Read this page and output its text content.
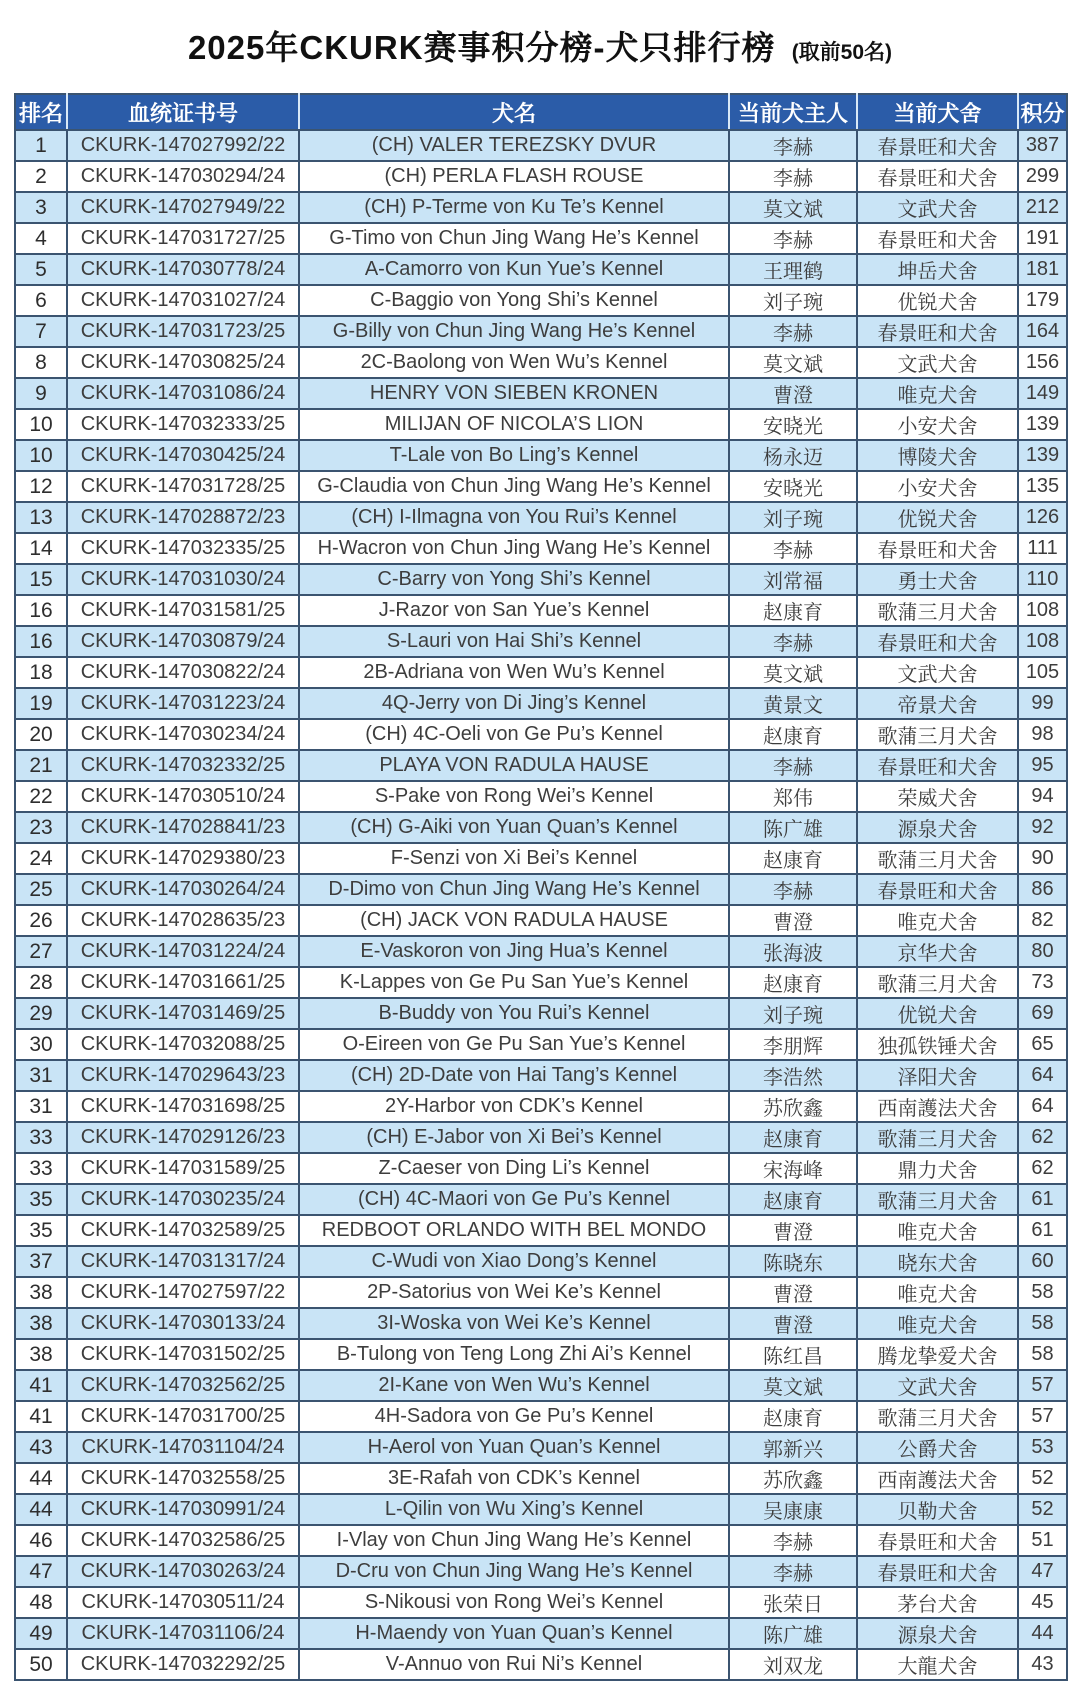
2025年CKURK赛事积分榜-犬只排行榜 (取前50名)
排名	血统证书号	犬名	当前犬主人	当前犬舍	积分
1	CKURK-147027992/22	(CH) VALER TEREZSKY DVUR	李赫	春景旺和犬舍	387
2	CKURK-147030294/24	(CH) PERLA FLASH ROUSE	李赫	春景旺和犬舍	299
3	CKURK-147027949/22	(CH) P-Terme von Ku Te’s Kennel	莫文斌	文武犬舍	212
4	CKURK-147031727/25	G-Timo von Chun Jing Wang He’s Kennel	李赫	春景旺和犬舍	191
5	CKURK-147030778/24	A-Camorro von Kun Yue’s Kennel	王理鹤	坤岳犬舍	181
6	CKURK-147031027/24	C-Baggio von Yong Shi’s Kennel	刘子琬	优锐犬舍	179
7	CKURK-147031723/25	G-Billy von Chun Jing Wang He’s Kennel	李赫	春景旺和犬舍	164
8	CKURK-147030825/24	2C-Baolong von Wen Wu’s Kennel	莫文斌	文武犬舍	156
9	CKURK-147031086/24	HENRY VON SIEBEN KRONEN	曹澄	唯克犬舍	149
10	CKURK-147032333/25	MILIJAN OF NICOLA’S LION	安晓光	小安犬舍	139
10	CKURK-147030425/24	T-Lale von Bo Ling’s Kennel	杨永迈	博陵犬舍	139
12	CKURK-147031728/25	G-Claudia von Chun Jing Wang He’s Kennel	安晓光	小安犬舍	135
13	CKURK-147028872/23	(CH) I-Ilmagna von You Rui’s Kennel	刘子琬	优锐犬舍	126
14	CKURK-147032335/25	H-Wacron von Chun Jing Wang He’s Kennel	李赫	春景旺和犬舍	111
15	CKURK-147031030/24	C-Barry von Yong Shi’s Kennel	刘常福	勇士犬舍	110
16	CKURK-147031581/25	J-Razor von San Yue’s Kennel	赵康育	歌蒲三月犬舍	108
16	CKURK-147030879/24	S-Lauri von Hai Shi’s Kennel	李赫	春景旺和犬舍	108
18	CKURK-147030822/24	2B-Adriana von Wen Wu’s Kennel	莫文斌	文武犬舍	105
19	CKURK-147031223/24	4Q-Jerry von Di Jing’s Kennel	黄景文	帝景犬舍	99
20	CKURK-147030234/24	(CH) 4C-Oeli von Ge Pu’s Kennel	赵康育	歌蒲三月犬舍	98
21	CKURK-147032332/25	PLAYA VON RADULA HAUSE	李赫	春景旺和犬舍	95
22	CKURK-147030510/24	S-Pake von Rong Wei’s Kennel	郑伟	荣威犬舍	94
23	CKURK-147028841/23	(CH) G-Aiki von Yuan Quan’s Kennel	陈广雄	源泉犬舍	92
24	CKURK-147029380/23	F-Senzi von Xi Bei’s Kennel	赵康育	歌蒲三月犬舍	90
25	CKURK-147030264/24	D-Dimo von Chun Jing Wang He’s Kennel	李赫	春景旺和犬舍	86
26	CKURK-147028635/23	(CH) JACK VON RADULA HAUSE	曹澄	唯克犬舍	82
27	CKURK-147031224/24	E-Vaskoron von Jing Hua’s Kennel	张海波	京华犬舍	80
28	CKURK-147031661/25	K-Lappes von Ge Pu San Yue’s Kennel	赵康育	歌蒲三月犬舍	73
29	CKURK-147031469/25	B-Buddy von You Rui’s Kennel	刘子琬	优锐犬舍	69
30	CKURK-147032088/25	O-Eireen von Ge Pu San Yue’s Kennel	李朋辉	独孤铁锤犬舍	65
31	CKURK-147029643/23	(CH) 2D-Date von Hai Tang’s Kennel	李浩然	泽阳犬舍	64
31	CKURK-147031698/25	2Y-Harbor von CDK’s Kennel	苏欣鑫	西南護法犬舍	64
33	CKURK-147029126/23	(CH) E-Jabor von Xi Bei’s Kennel	赵康育	歌蒲三月犬舍	62
33	CKURK-147031589/25	Z-Caeser von Ding Li’s Kennel	宋海峰	鼎力犬舍	62
35	CKURK-147030235/24	(CH) 4C-Maori von Ge Pu’s Kennel	赵康育	歌蒲三月犬舍	61
35	CKURK-147032589/25	REDBOOT ORLANDO WITH BEL MONDO	曹澄	唯克犬舍	61
37	CKURK-147031317/24	C-Wudi von Xiao Dong’s Kennel	陈晓东	晓东犬舍	60
38	CKURK-147027597/22	2P-Satorius von Wei Ke’s Kennel	曹澄	唯克犬舍	58
38	CKURK-147030133/24	3I-Woska von Wei Ke’s Kennel	曹澄	唯克犬舍	58
38	CKURK-147031502/25	B-Tulong von Teng Long Zhi Ai’s Kennel	陈红昌	腾龙挚爱犬舍	58
41	CKURK-147032562/25	2I-Kane von Wen Wu’s Kennel	莫文斌	文武犬舍	57
41	CKURK-147031700/25	4H-Sadora von Ge Pu’s Kennel	赵康育	歌蒲三月犬舍	57
43	CKURK-147031104/24	H-Aerol von Yuan Quan’s Kennel	郭新兴	公爵犬舍	53
44	CKURK-147032558/25	3E-Rafah von CDK’s Kennel	苏欣鑫	西南護法犬舍	52
44	CKURK-147030991/24	L-Qilin von Wu Xing’s Kennel	吴康康	贝勒犬舍	52
46	CKURK-147032586/25	I-Vlay von Chun Jing Wang He’s Kennel	李赫	春景旺和犬舍	51
47	CKURK-147030263/24	D-Cru von Chun Jing Wang He’s Kennel	李赫	春景旺和犬舍	47
48	CKURK-147030511/24	S-Nikousi von Rong Wei’s Kennel	张荣日	茅台犬舍	45
49	CKURK-147031106/24	H-Maendy von Yuan Quan’s Kennel	陈广雄	源泉犬舍	44
50	CKURK-147032292/25	V-Annuo von Rui Ni’s Kennel	刘双龙	大龍犬舍	43
